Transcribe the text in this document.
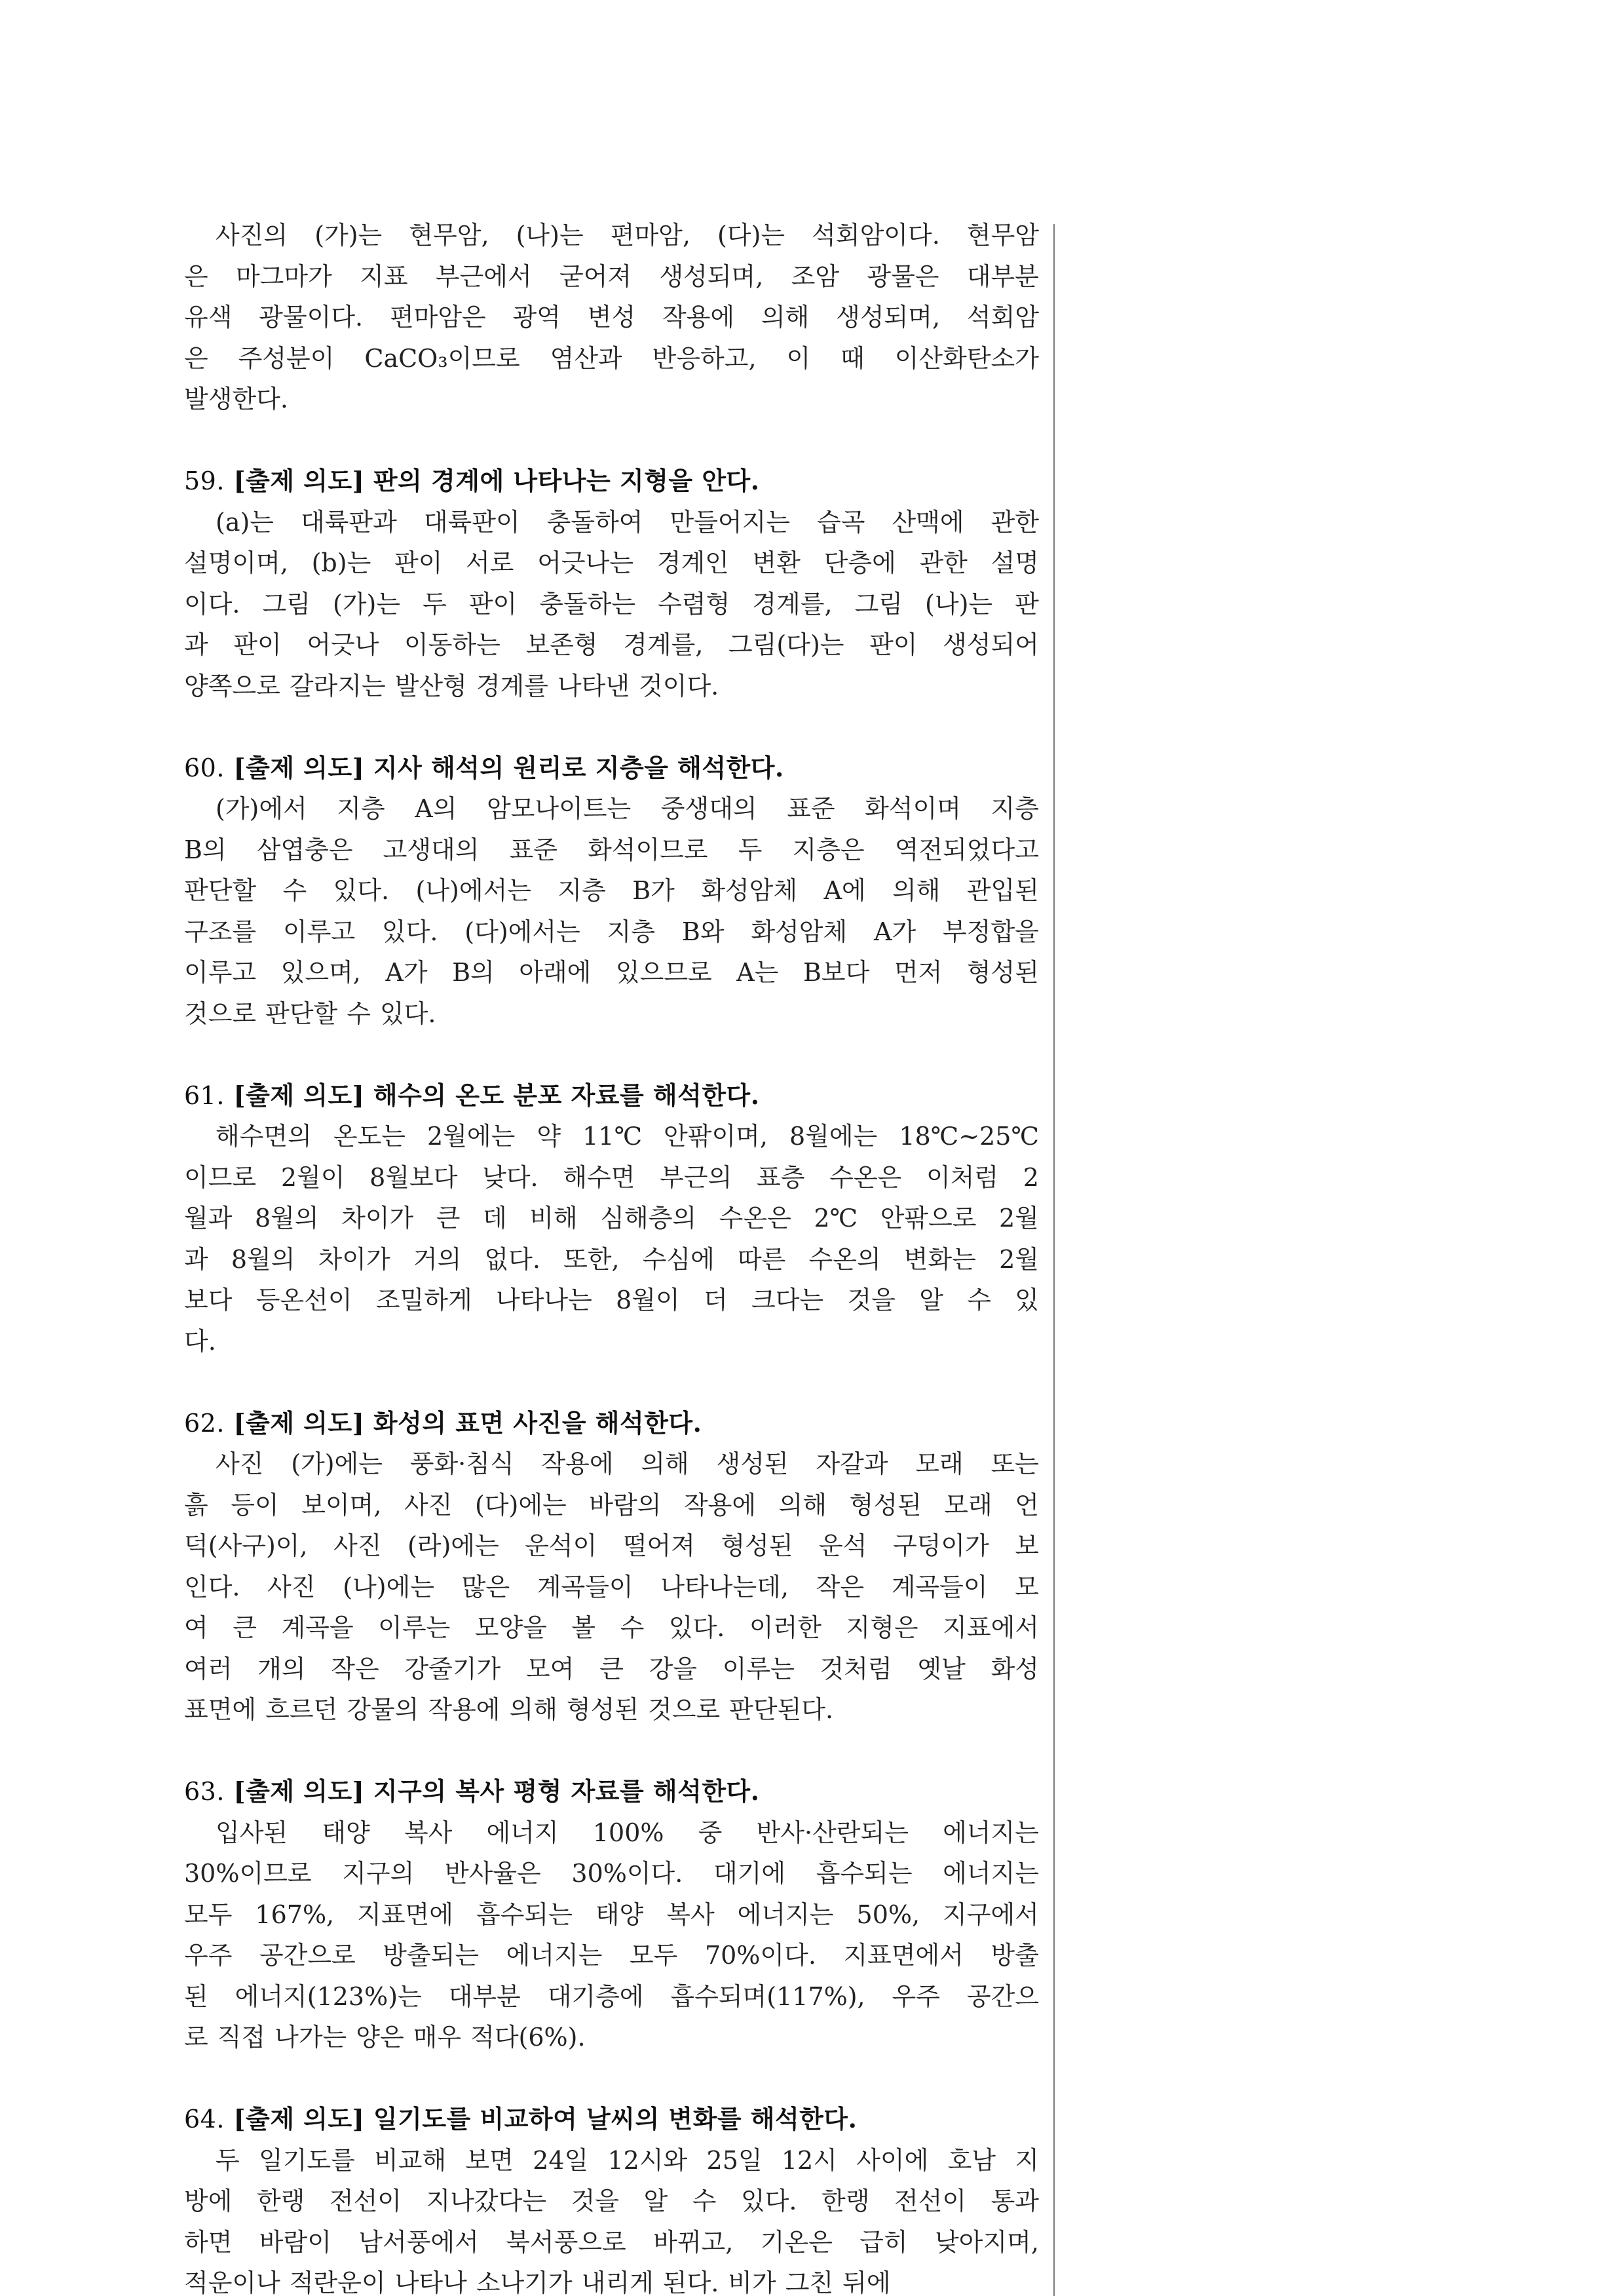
사진의 (가)는 현무암, (나)는 편마암, (다)는 석회암이다. 현무암
은 마그마가 지표 부근에서 굳어져 생성되며, 조암 광물은 대부분
유색 광물이다. 편마암은 광역 변성 작용에 의해 생성되며, 석회암
은 주성분이 CaCO₃이므로 염산과 반응하고, 이 때 이산화탄소가
발생한다.
59. [출제 의도] 판의 경계에 나타나는 지형을 안다.
(a)는 대륙판과 대륙판이 충돌하여 만들어지는 습곡 산맥에 관한
설명이며, (b)는 판이 서로 어긋나는 경계인 변환 단층에 관한 설명
이다. 그림 (가)는 두 판이 충돌하는 수렴형 경계를, 그림 (나)는 판
과 판이 어긋나 이동하는 보존형 경계를, 그림(다)는 판이 생성되어
양쪽으로 갈라지는 발산형 경계를 나타낸 것이다.
60. [출제 의도] 지사 해석의 원리로 지층을 해석한다.
(가)에서 지층 A의 암모나이트는 중생대의 표준 화석이며 지층
B의 삼엽충은 고생대의 표준 화석이므로 두 지층은 역전되었다고
판단할 수 있다. (나)에서는 지층 B가 화성암체 A에 의해 관입된
구조를 이루고 있다. (다)에서는 지층 B와 화성암체 A가 부정합을
이루고 있으며, A가 B의 아래에 있으므로 A는 B보다 먼저 형성된
것으로 판단할 수 있다.
61. [출제 의도] 해수의 온도 분포 자료를 해석한다.
해수면의 온도는 2월에는 약 11℃ 안팎이며, 8월에는 18℃~25℃
이므로 2월이 8월보다 낮다. 해수면 부근의 표층 수온은 이처럼 2
월과 8월의 차이가 큰 데 비해 심해층의 수온은 2℃ 안팎으로 2월
과 8월의 차이가 거의 없다. 또한, 수심에 따른 수온의 변화는 2월
보다 등온선이 조밀하게 나타나는 8월이 더 크다는 것을 알 수 있
다.
62. [출제 의도] 화성의 표면 사진을 해석한다.
사진 (가)에는 풍화·침식 작용에 의해 생성된 자갈과 모래 또는
흙 등이 보이며, 사진 (다)에는 바람의 작용에 의해 형성된 모래 언
덕(사구)이, 사진 (라)에는 운석이 떨어져 형성된 운석 구덩이가 보
인다. 사진 (나)에는 많은 계곡들이 나타나는데, 작은 계곡들이 모
여 큰 계곡을 이루는 모양을 볼 수 있다. 이러한 지형은 지표에서
여러 개의 작은 강줄기가 모여 큰 강을 이루는 것처럼 옛날 화성
표면에 흐르던 강물의 작용에 의해 형성된 것으로 판단된다.
63. [출제 의도] 지구의 복사 평형 자료를 해석한다.
입사된 태양 복사 에너지 100% 중 반사·산란되는 에너지는
30%이므로 지구의 반사율은 30%이다. 대기에 흡수되는 에너지는
모두 167%, 지표면에 흡수되는 태양 복사 에너지는 50%, 지구에서
우주 공간으로 방출되는 에너지는 모두 70%이다. 지표면에서 방출
된 에너지(123%)는 대부분 대기층에 흡수되며(117%), 우주 공간으
로 직접 나가는 양은 매우 적다(6%).
64. [출제 의도] 일기도를 비교하여 날씨의 변화를 해석한다.
두 일기도를 비교해 보면 24일 12시와 25일 12시 사이에 호남 지
방에 한랭 전선이 지나갔다는 것을 알 수 있다. 한랭 전선이 통과
하면 바람이 남서풍에서 북서풍으로 바뀌고, 기온은 급히 낮아지며,
적운이나 적란운이 나타나 소나기가 내리게 된다. 비가 그친 뒤에
